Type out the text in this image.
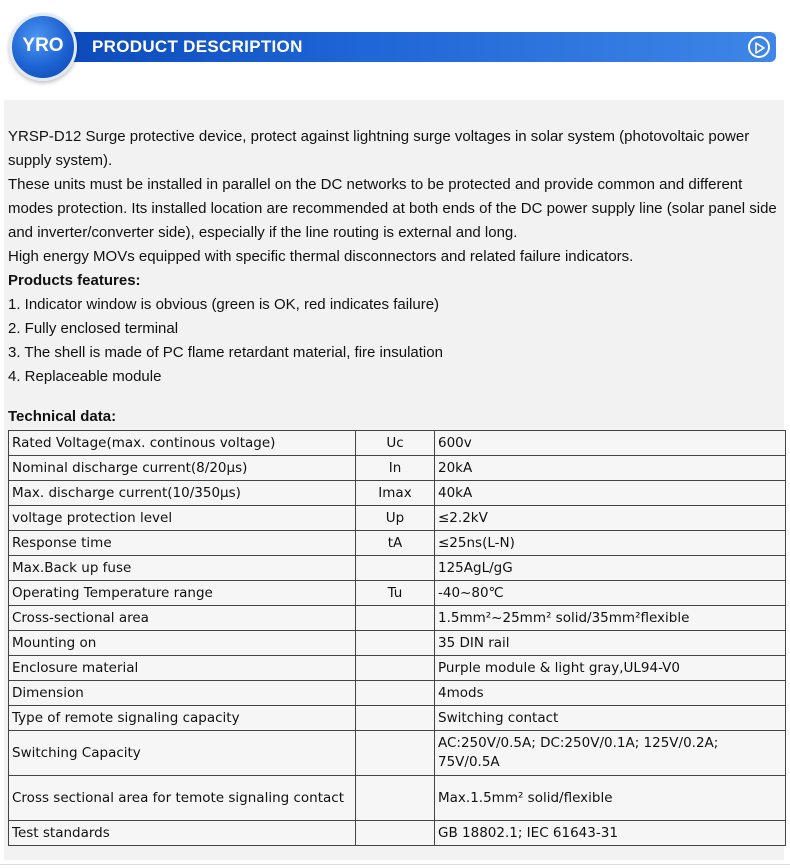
PRODUCT DESCRIPTION
YRO

YRSP-D12 Surge protective device, protect against lightning surge voltages in solar system (photovoltaic power supply system).

These units must be installed in parallel on the DC networks to be protected and provide common and different modes protection. Its installed location are recommended at both ends of the DC power supply line (solar panel side and inverter/converter side), especially if the line routing is external and long.

High energy MOVs equipped with specific thermal disconnectors and related failure indicators.

Products features:

1. Indicator window is obvious (green is OK, red indicates failure)

2. Fully enclosed terminal

3. The shell is made of PC flame retardant material, fire insulation

4. Replaceable module

Technical data:
Rated Voltage(max. continous voltage)	Uc	600v
Nominal discharge current(8/20μs)	In	20kA
Max. discharge current(10/350μs)	Imax	40kA
voltage protection level	Up	≤2.2kV
Response time	tA	≤25ns(L-N)
Max.Back up fuse		125AgL/gG
Operating Temperature range	Tu	-40~80℃
Cross-sectional area		1.5mm²~25mm² solid/35mm²flexible
Mounting on		35 DIN rail
Enclosure material		Purple module & light gray,UL94-V0
Dimension		4mods
Type of remote signaling capacity		Switching contact
Switching Capacity		AC:250V/0.5A; DC:250V/0.1A; 125V/0.2A; 75V/0.5A
Cross sectional area for temote signaling contact		Max.1.5mm² solid/flexible
Test standards		GB 18802.1; IEC 61643-31
